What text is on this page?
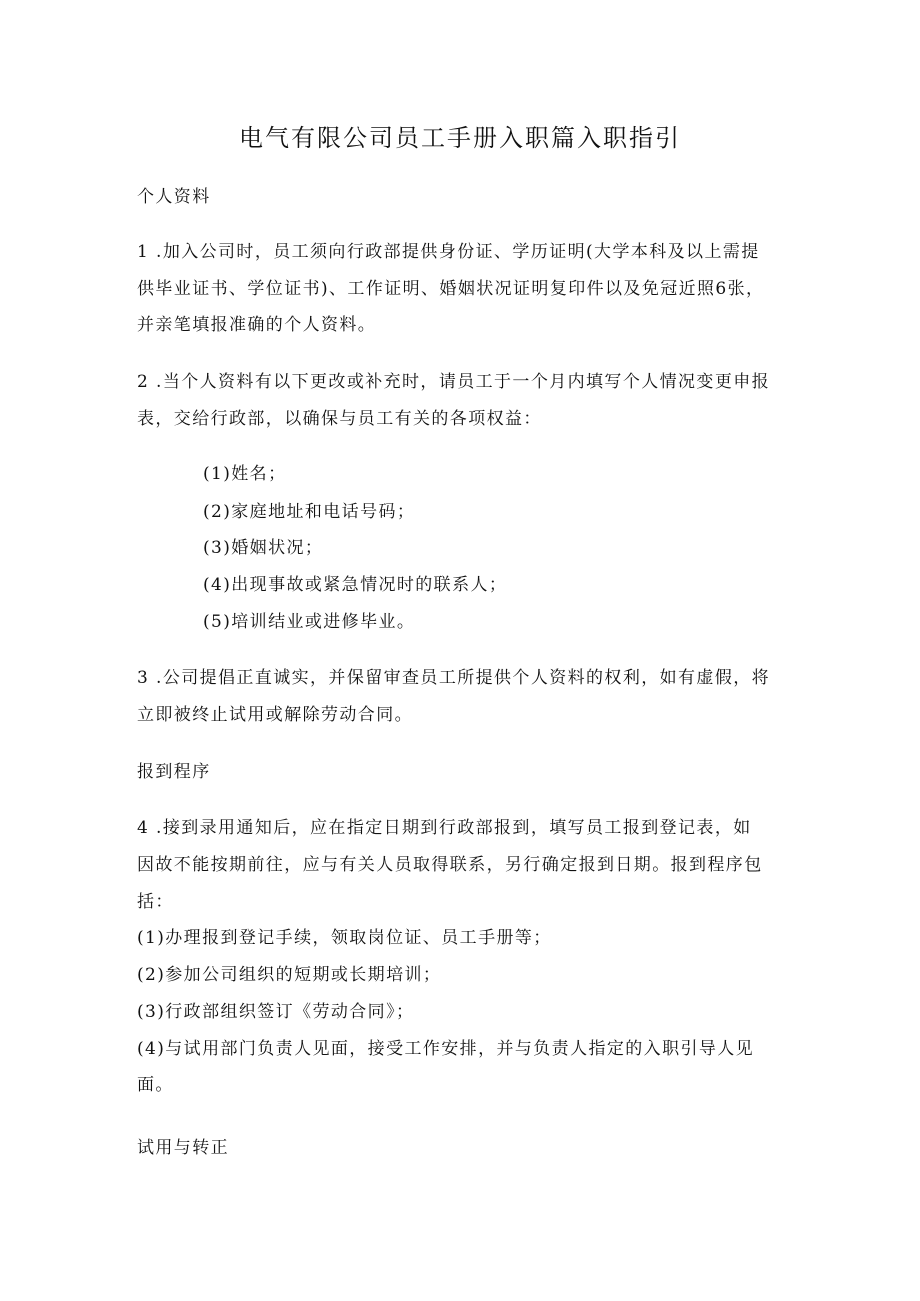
电气有限公司员工手册入职篇入职指引
个人资料
1 .加入公司时，员工须向行政部提供身份证、学历证明(大学本科及以上需提
供毕业证书、学位证书)、工作证明、婚姻状况证明复印件以及免冠近照6张，
并亲笔填报准确的个人资料。
2 .当个人资料有以下更改或补充时，请员工于一个月内填写个人情况变更申报
表，交给行政部，以确保与员工有关的各项权益：
(1)姓名；
(2)家庭地址和电话号码；
(3)婚姻状况；
(4)出现事故或紧急情况时的联系人；
(5)培训结业或进修毕业。
3 .公司提倡正直诚实，并保留审查员工所提供个人资料的权利，如有虚假，将
立即被终止试用或解除劳动合同。
报到程序
4 .接到录用通知后，应在指定日期到行政部报到，填写员工报到登记表，如
因故不能按期前往，应与有关人员取得联系，另行确定报到日期。报到程序包
括：
(1)办理报到登记手续，领取岗位证、员工手册等；
(2)参加公司组织的短期或长期培训；
(3)行政部组织签订《劳动合同》；
(4)与试用部门负责人见面，接受工作安排，并与负责人指定的入职引导人见
面。
试用与转正
